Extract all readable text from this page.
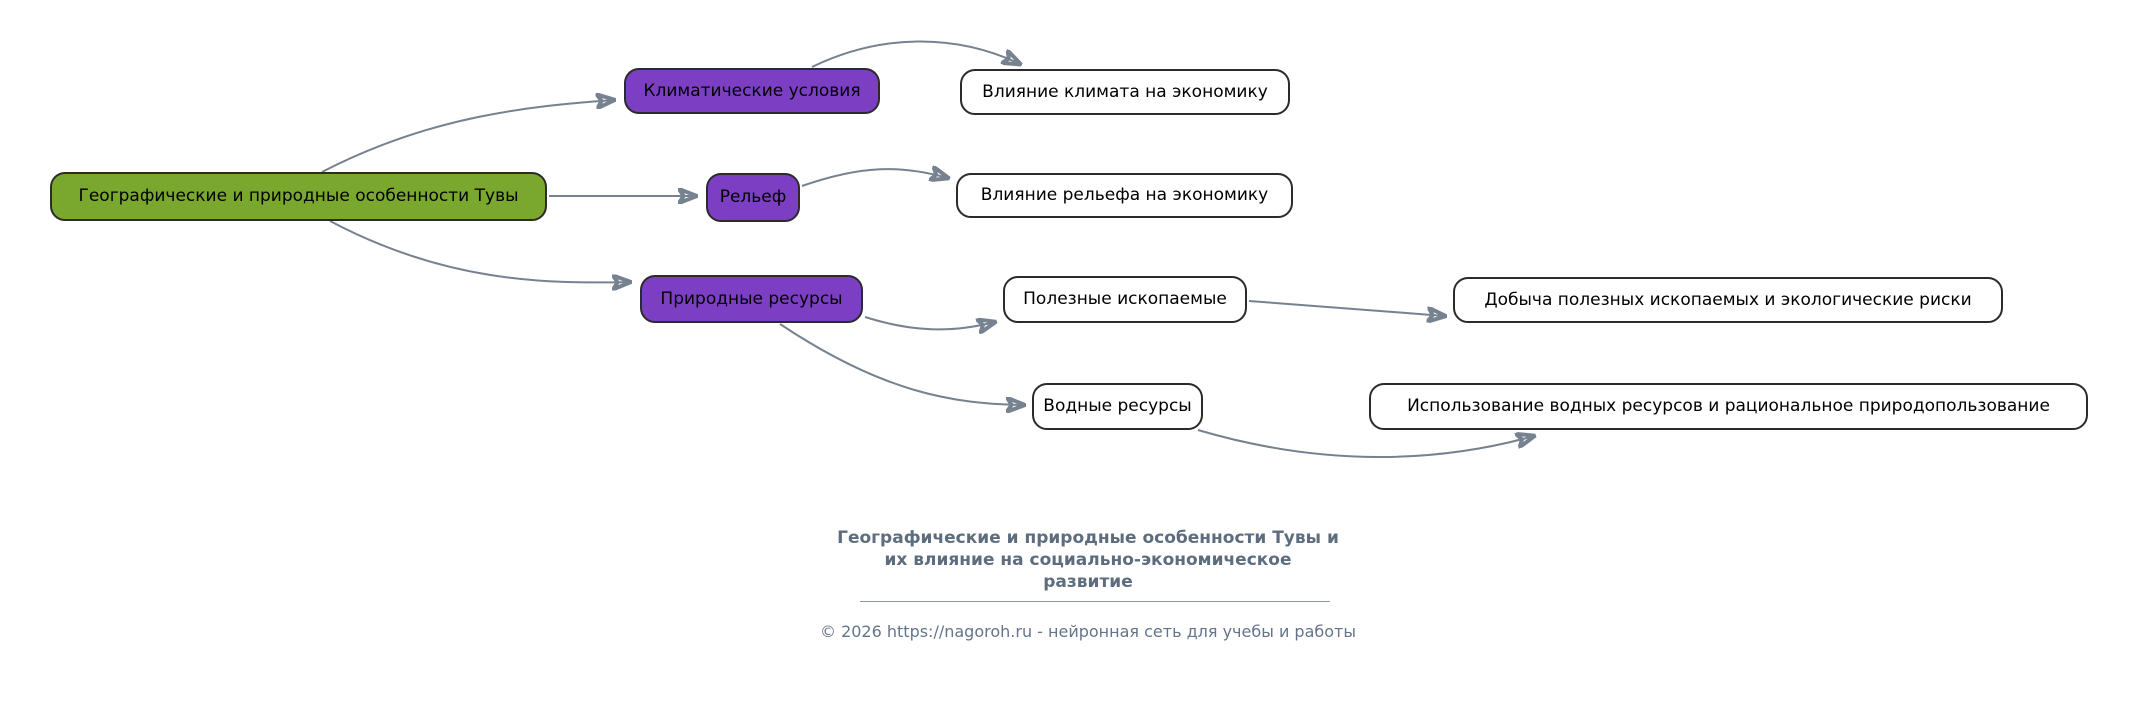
Географические и природные особенности Тувы
Климатические условия
Рельеф
Природные ресурсы
Влияние климата на экономику
Влияние рельефа на экономику
Полезные ископаемые	Добыча полезных ископаемых и экологические риски
Водные ресурсы	Использование водных ресурсов и рациональное природопользование
Географические и природные особенности Тувы и
их влияние на социально-экономическое
развитие
© 2026 https://nagoroh.ru - нейронная сеть для учебы и работы
